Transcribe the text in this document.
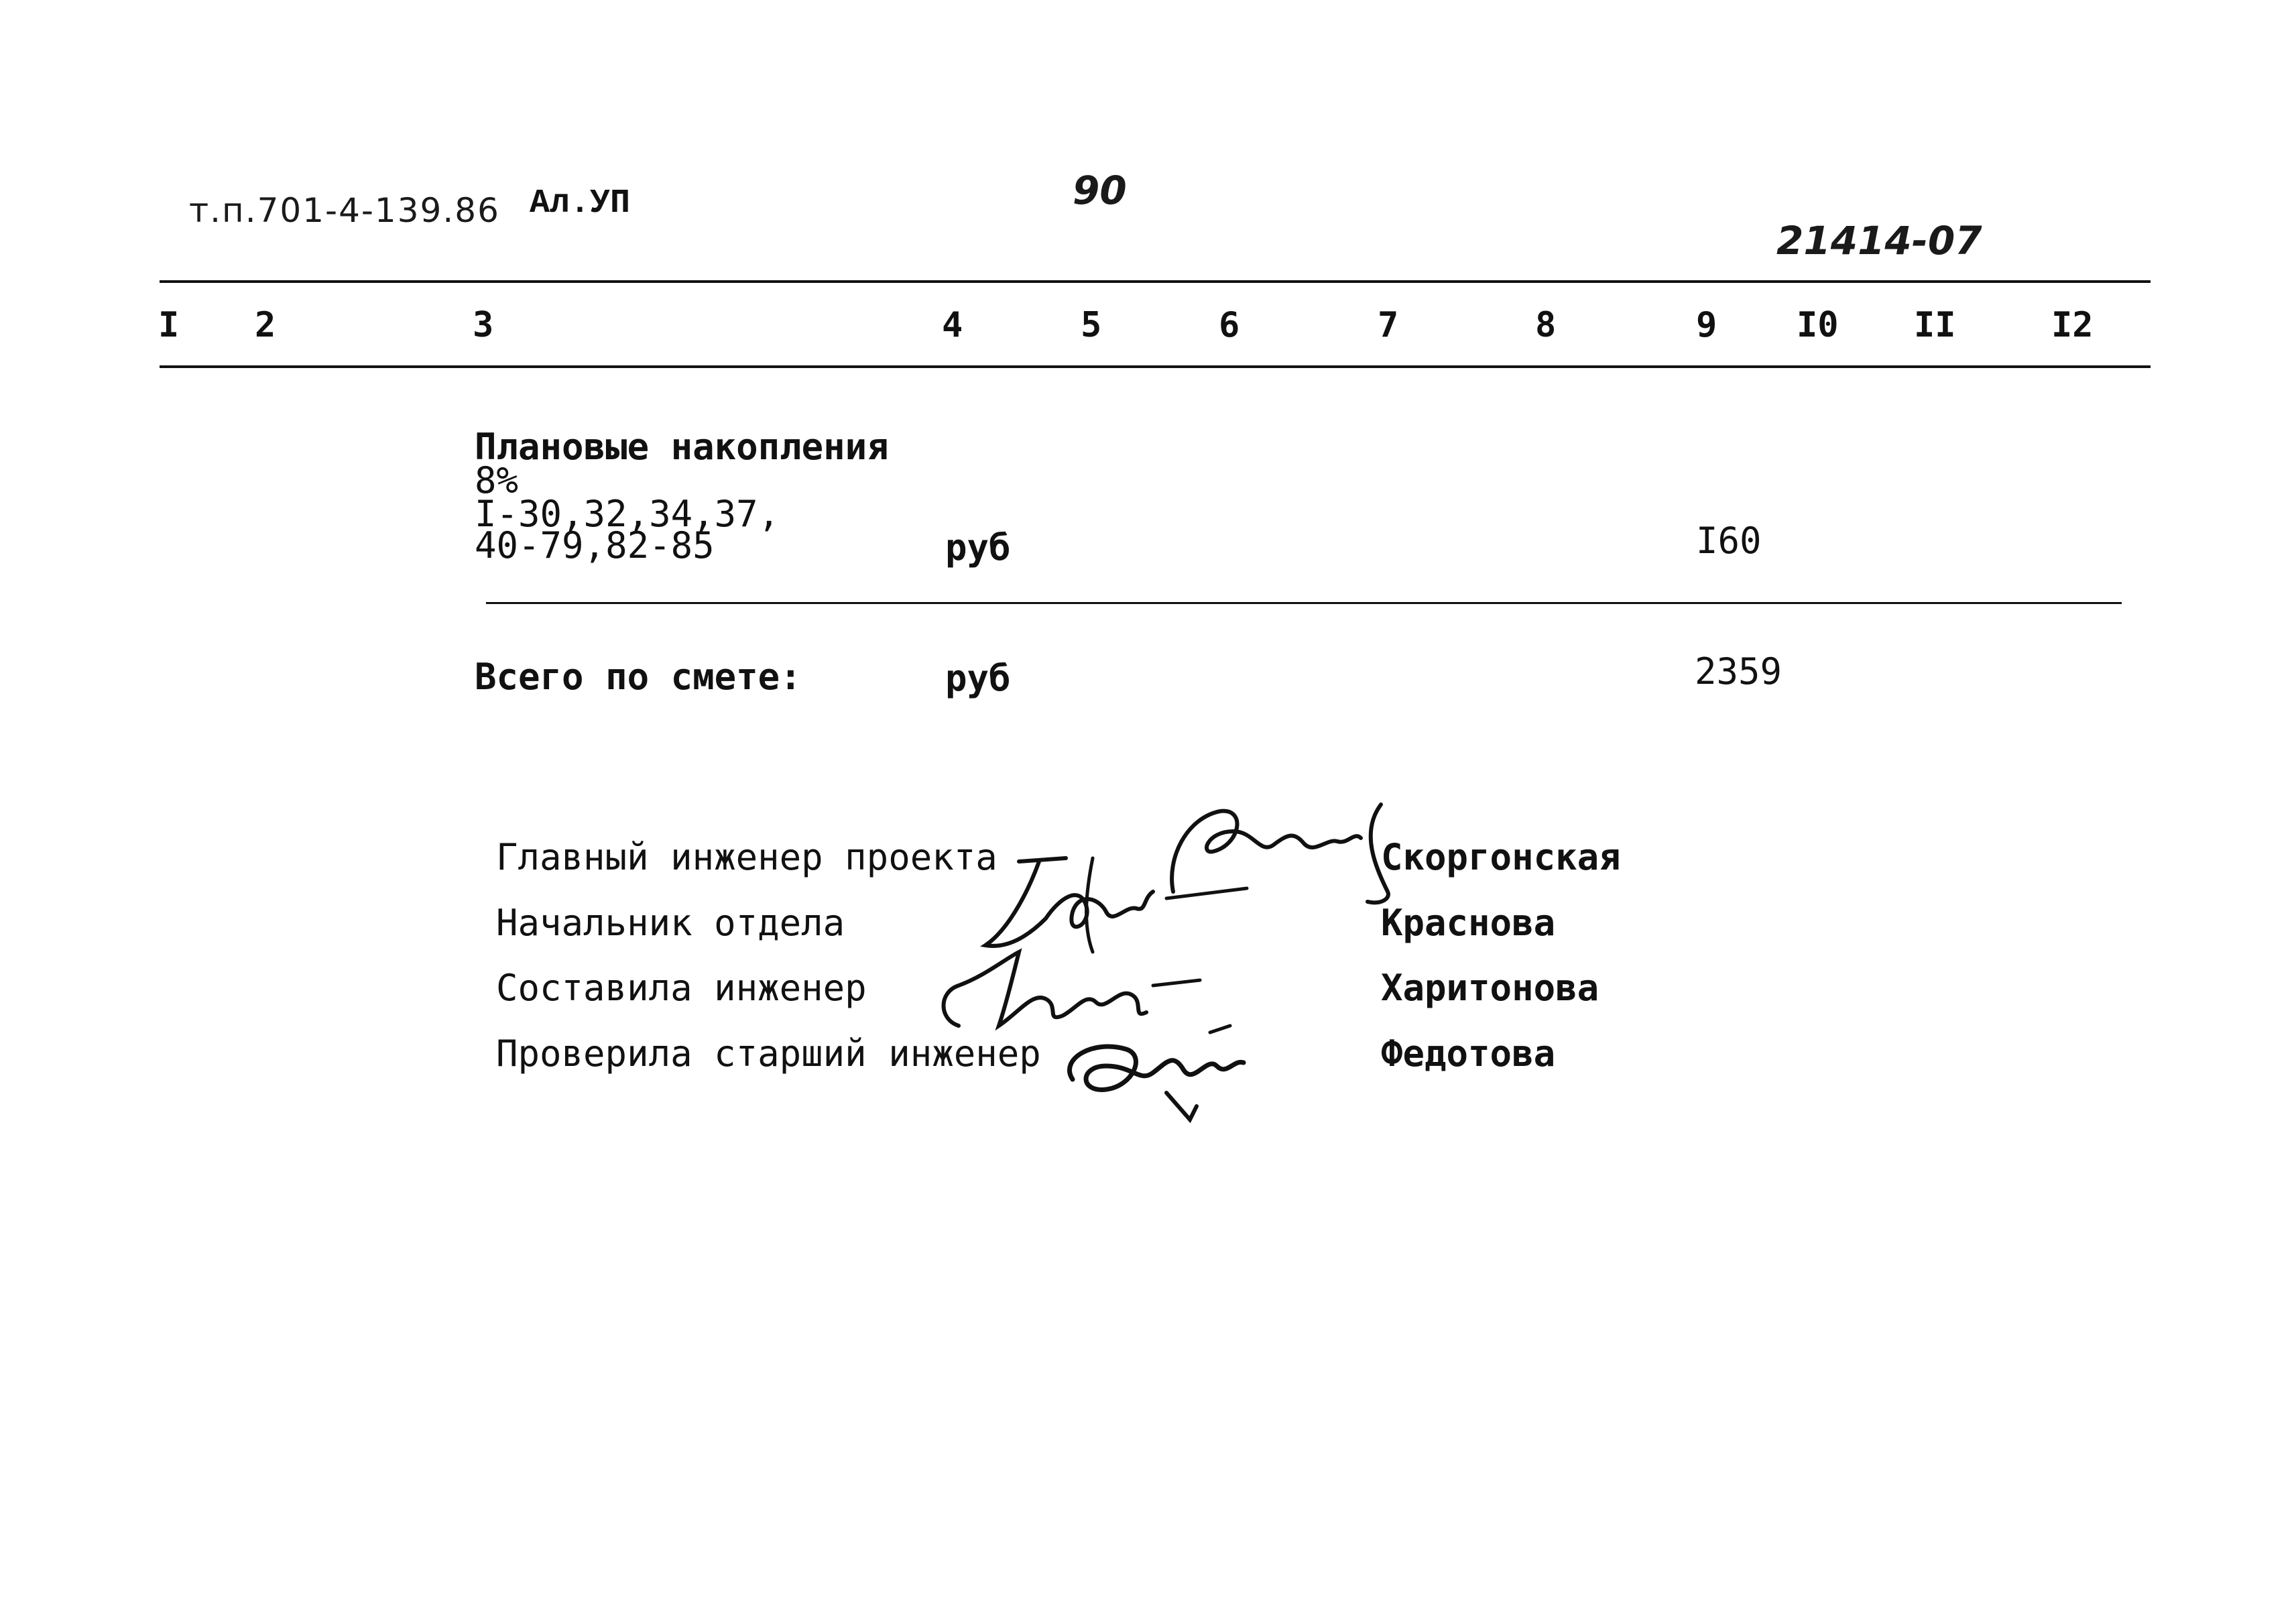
т.п.701-4-139.86 Ал.УП	90
21414-07
I 2	3	4	5	6	7	8	9 I0 II	I2
Плановые накопления
8%
I-30,32,34,37,
40-79,82-85	руб	I60
Всего по смете:	руб	2359
Главный инженер проекта	Скоргонская
Начальник отдела	Краснова
Составила инженер	Харитонова
Проверила старший инженер	Федотова
